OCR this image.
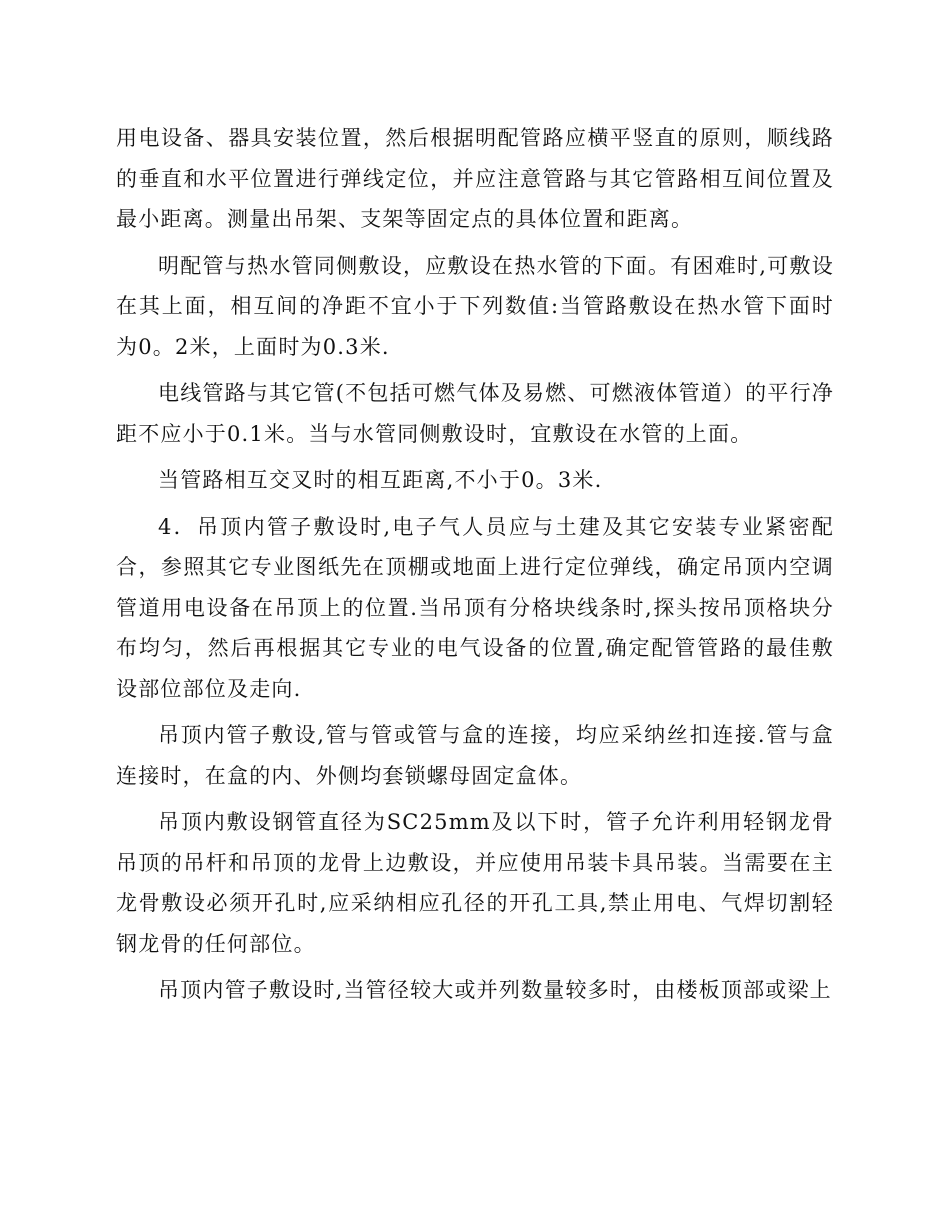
用电设备、器具安装位置，然后根据明配管路应横平竖直的原则，顺线路的垂直和水平位置进行弹线定位，并应注意管路与其它管路相互间位置及最小距离。测量出吊架、支架等固定点的具体位置和距离。

明配管与热水管同侧敷设，应敷设在热水管的下面。有困难时,可敷设在其上面，相互间的净距不宜小于下列数值:当管路敷设在热水管下面时为0。2米，上面时为0.3米.

电线管路与其它管(不包括可燃气体及易燃、可燃液体管道）的平行净距不应小于0.1米。当与水管同侧敷设时，宜敷设在水管的上面。

当管路相互交叉时的相互距离,不小于0。3米.

4．吊顶内管子敷设时,电子气人员应与土建及其它安装专业紧密配合，参照其它专业图纸先在顶棚或地面上进行定位弹线，确定吊顶内空调管道用电设备在吊顶上的位置.当吊顶有分格块线条时,探头按吊顶格块分布均匀，然后再根据其它专业的电气设备的位置,确定配管管路的最佳敷设部位部位及走向.

吊顶内管子敷设,管与管或管与盒的连接，均应采纳丝扣连接.管与盒连接时，在盒的内、外侧均套锁螺母固定盒体。

吊顶内敷设钢管直径为SC25mm及以下时，管子允许利用轻钢龙骨吊顶的吊杆和吊顶的龙骨上边敷设，并应使用吊装卡具吊装。当需要在主龙骨敷设必须开孔时,应采纳相应孔径的开孔工具,禁止用电、气焊切割轻钢龙骨的任何部位。

吊顶内管子敷设时,当管径较大或并列数量较多时，由楼板顶部或梁上
